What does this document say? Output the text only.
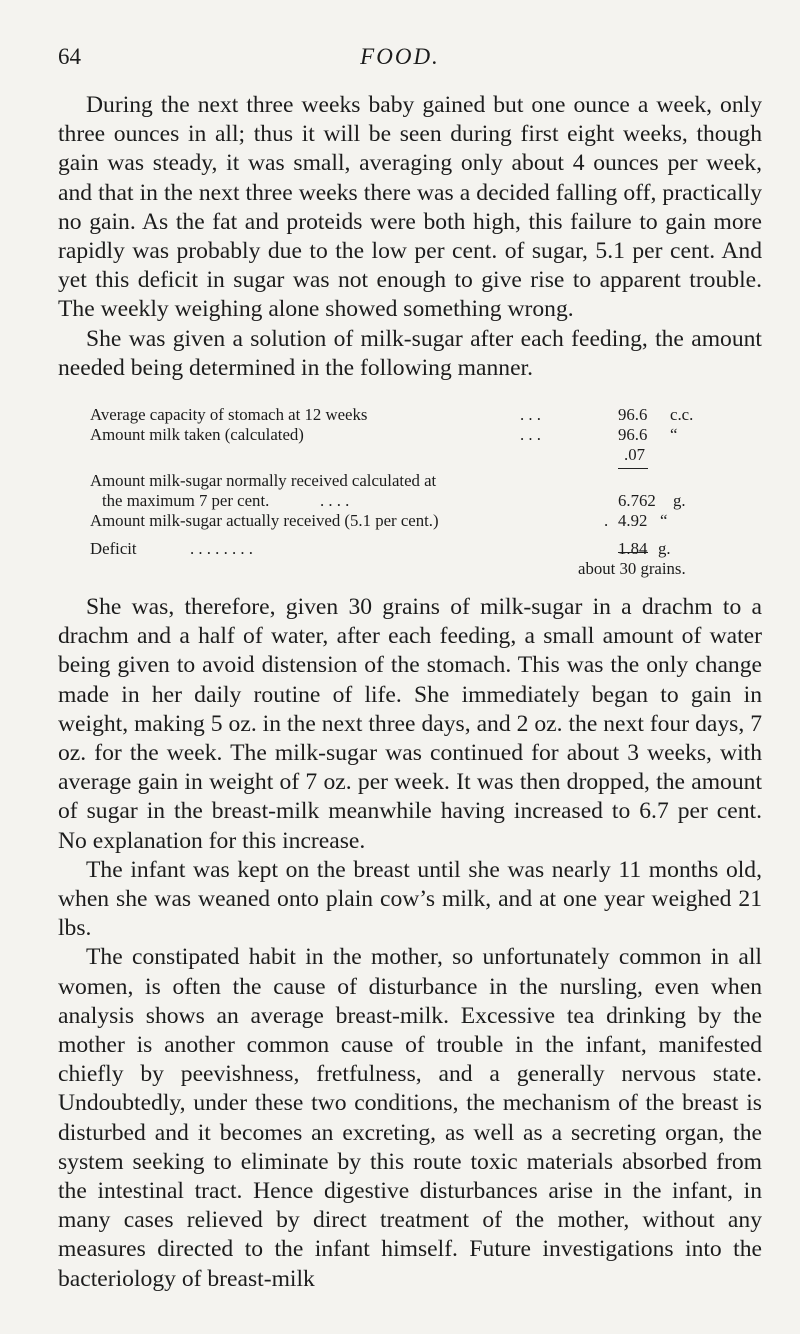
64	FOOD.

During the next three weeks baby gained but one ounce a week, only three ounces in all; thus it will be seen during first eight weeks, though gain was steady, it was small, averaging only about 4 ounces per week, and that in the next three weeks there was a decided falling off, practically no gain. As the fat and proteids were both high, this failure to gain more rapidly was probably due to the low per cent. of sugar, 5.1 per cent. And yet this deficit in sugar was not enough to give rise to apparent trouble. The weekly weighing alone showed something wrong.

She was given a solution of milk-sugar after each feeding, the amount needed being determined in the following manner.

Average capacity of stomach at 12 weeks	. . .	96.6 c.c.
Amount milk taken (calculated)	. . .	96.6 “
.07
Amount milk-sugar normally received calculated at
the maximum 7 per cent.	. . . .	6.762 g.
Amount milk-sugar actually received (5.1 per cent.)	. 4.92 “
Deficit	. . . . . . . .	1.84 g.
about 30 grains.

She was, therefore, given 30 grains of milk-sugar in a drachm to a drachm and a half of water, after each feeding, a small amount of water being given to avoid distension of the stomach. This was the only change made in her daily routine of life. She immediately began to gain in weight, making 5 oz. in the next three days, and 2 oz. the next four days, 7 oz. for the week. The milk-sugar was continued for about 3 weeks, with average gain in weight of 7 oz. per week. It was then dropped, the amount of sugar in the breast-milk meanwhile having increased to 6.7 per cent. No explanation for this increase.

The infant was kept on the breast until she was nearly 11 months old, when she was weaned onto plain cow’s milk, and at one year weighed 21 lbs.

The constipated habit in the mother, so unfortunately common in all women, is often the cause of disturbance in the nursling, even when analysis shows an average breast-milk. Excessive tea drinking by the mother is another common cause of trouble in the infant, manifested chiefly by peevishness, fretfulness, and a generally nervous state. Undoubtedly, under these two conditions, the mechanism of the breast is disturbed and it becomes an excreting, as well as a secreting organ, the system seeking to eliminate by this route toxic materials absorbed from the intestinal tract. Hence digestive disturbances arise in the infant, in many cases relieved by direct treatment of the mother, without any measures directed to the infant himself. Future investigations into the bacteriology of breast-milk
